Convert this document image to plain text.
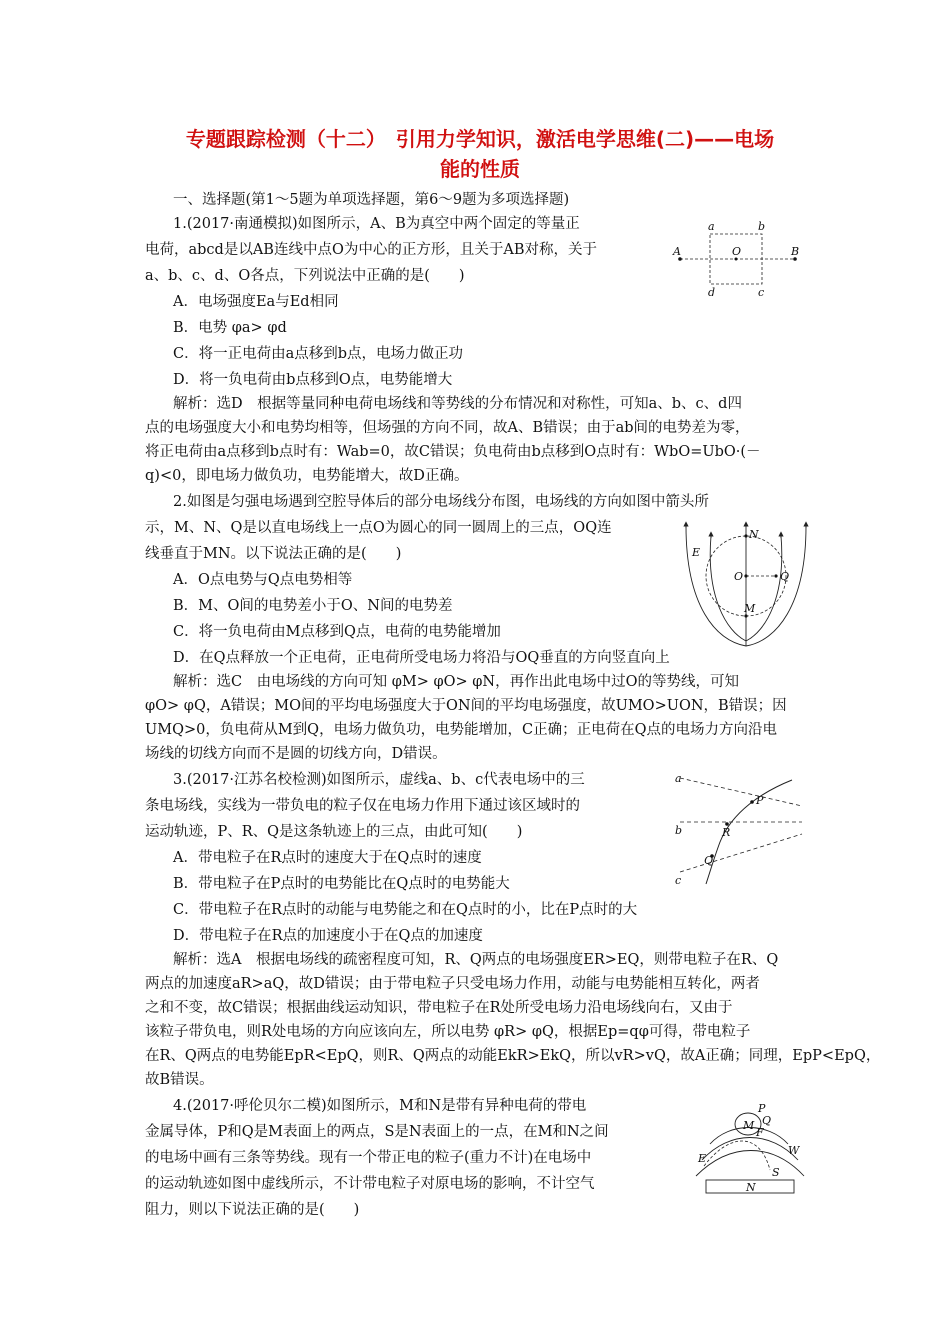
专题跟踪检测（十二）　引用力学知识，激活电学思维(二)——电场
能的性质
一、选择题(第1～5题为单项选择题，第6～9题为多项选择题)
1.(2017·南通模拟)如图所示，A、B为真空中两个固定的等量正
电荷，abcd是以AB连线中点O为中心的正方形，且关于AB对称，关于
a、b、c、d、O各点，下列说法中正确的是(　　)
A．电场强度Ea与Ed相同
B．电势 φa> φd
C．将一正电荷由a点移到b点，电场力做正功
D．将一负电荷由b点移到O点，电势能增大
解析：选D　根据等量同种电荷电场线和等势线的分布情况和对称性，可知a、b、c、d四
点的电场强度大小和电势均相等，但场强的方向不同，故A、B错误；由于ab间的电势差为零，
将正电荷由a点移到b点时有：Wab=0，故C错误；负电荷由b点移到O点时有：WbO=UbO·(－
q)<0，即电场力做负功，电势能增大，故D正确。
A	B
O
a	b
c
d
2.如图是匀强电场遇到空腔导体后的部分电场线分布图，电场线的方向如图中箭头所
示，M、N、Q是以直电场线上一点O为圆心的同一圆周上的三点，OQ连
线垂直于MN。以下说法正确的是(　　)
A．O点电势与Q点电势相等
B．M、O间的电势差小于O、N间的电势差
C．将一负电荷由M点移到Q点，电荷的电势能增加
D．在Q点释放一个正电荷，正电荷所受电场力将沿与OQ垂直的方向竖直向上
解析：选C　由电场线的方向可知 φM> φO> φN，再作出此电场中过O的等势线，可知
φO> φQ，A错误；MO间的平均电场强度大于ON间的平均电场强度，故UMO>UON，B错误；因
UMQ>0，负电荷从M到Q，电场力做负功，电势能增加，C正确；正电荷在Q点的电场力方向沿电
场线的切线方向而不是圆的切线方向，D错误。
N
E
O	Q
M
3.(2017·江苏名校检测)如图所示，虚线a、b、c代表电场中的三
条电场线，实线为一带负电的粒子仅在电场力作用下通过该区域时的
运动轨迹，P、R、Q是这条轨迹上的三点，由此可知(　　)
A．带电粒子在R点时的速度大于在Q点时的速度
B．带电粒子在P点时的电势能比在Q点时的电势能大
C．带电粒子在R点时的动能与电势能之和在Q点时的小，比在P点时的大
D．带电粒子在R点的加速度小于在Q点的加速度
解析：选A　根据电场线的疏密程度可知，R、Q两点的电场强度ER>EQ，则带电粒子在R、Q
两点的加速度aR>aQ，故D错误；由于带电粒子只受电场力作用，动能与电势能相互转化，两者
之和不变，故C错误；根据曲线运动知识，带电粒子在R处所受电场力沿电场线向右，又由于
该粒子带负电，则R处电场的方向应该向左，所以电势 φR> φQ，根据Ep=qφ可得，带电粒子
在R、Q两点的电势能EpR<EpQ，则R、Q两点的动能EkR>EkQ，所以vR>vQ，故A正确；同理，EpP<EpQ，
故B错误。
a
b
c
P
R
Q
4.(2017·呼伦贝尔二模)如图所示，M和N是带有异种电荷的带电
金属导体，P和Q是M表面上的两点，S是N表面上的一点，在M和N之间
的电场中画有三条等势线。现有一个带正电的粒子(重力不计)在电场中
的运动轨迹如图中虚线所示，不计带电粒子对原电场的影响，不计空气
阻力，则以下说法正确的是(　　)
P
M Q
F
E
W
S
N
